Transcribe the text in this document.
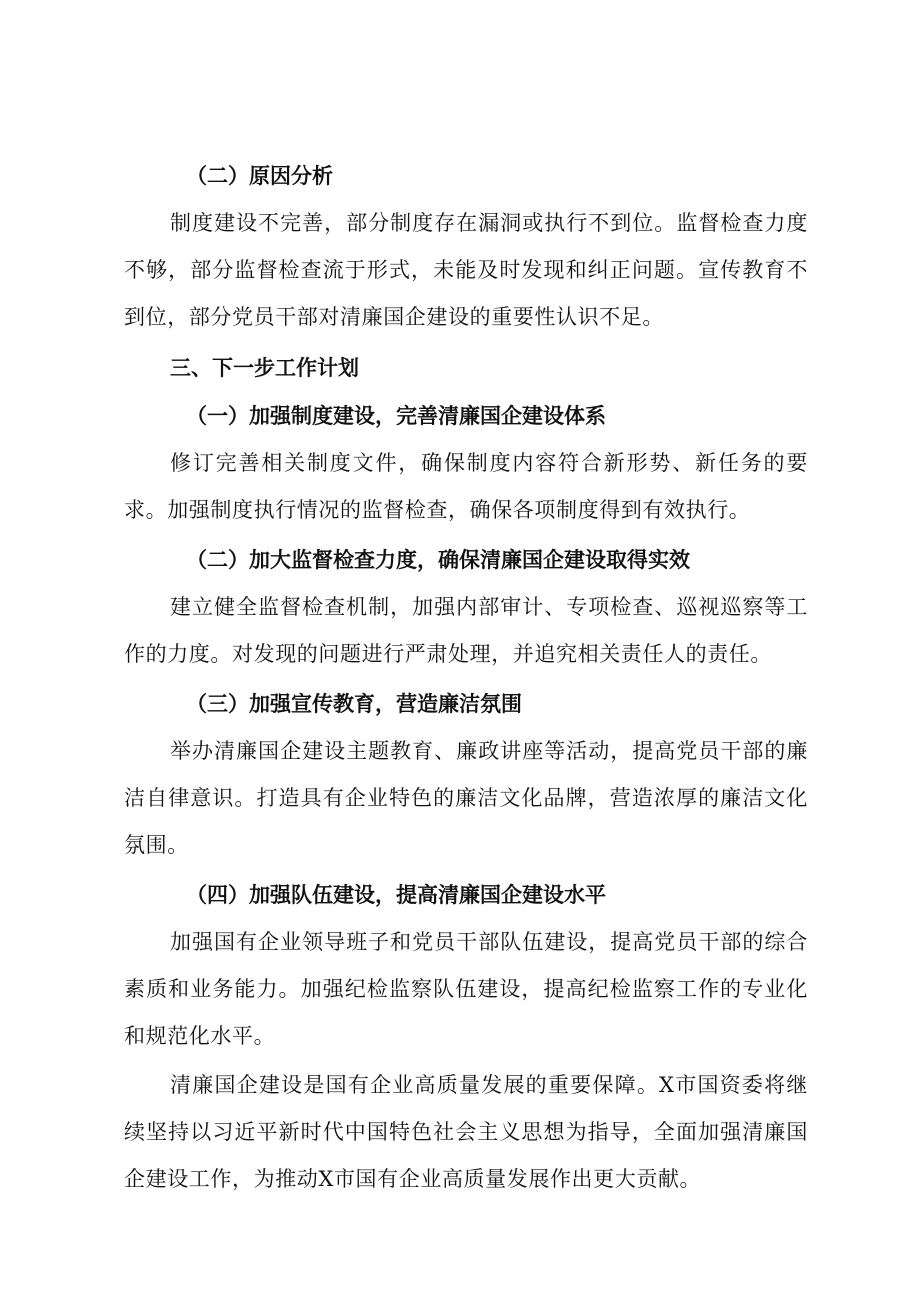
（二）原因分析

制度建设不完善，部分制度存在漏洞或执行不到位。监督检查力度不够，部分监督检查流于形式，未能及时发现和纠正问题。宣传教育不到位，部分党员干部对清廉国企建设的重要性认识不足。

三、下一步工作计划

（一）加强制度建设，完善清廉国企建设体系

修订完善相关制度文件，确保制度内容符合新形势、新任务的要求。加强制度执行情况的监督检查，确保各项制度得到有效执行。

（二）加大监督检查力度，确保清廉国企建设取得实效

建立健全监督检查机制，加强内部审计、专项检查、巡视巡察等工作的力度。对发现的问题进行严肃处理，并追究相关责任人的责任。

（三）加强宣传教育，营造廉洁氛围

举办清廉国企建设主题教育、廉政讲座等活动，提高党员干部的廉洁自律意识。打造具有企业特色的廉洁文化品牌，营造浓厚的廉洁文化氛围。

（四）加强队伍建设，提高清廉国企建设水平

加强国有企业领导班子和党员干部队伍建设，提高党员干部的综合素质和业务能力。加强纪检监察队伍建设，提高纪检监察工作的专业化和规范化水平。

清廉国企建设是国有企业高质量发展的重要保障。X市国资委将继续坚持以习近平新时代中国特色社会主义思想为指导，全面加强清廉国企建设工作，为推动X市国有企业高质量发展作出更大贡献。
